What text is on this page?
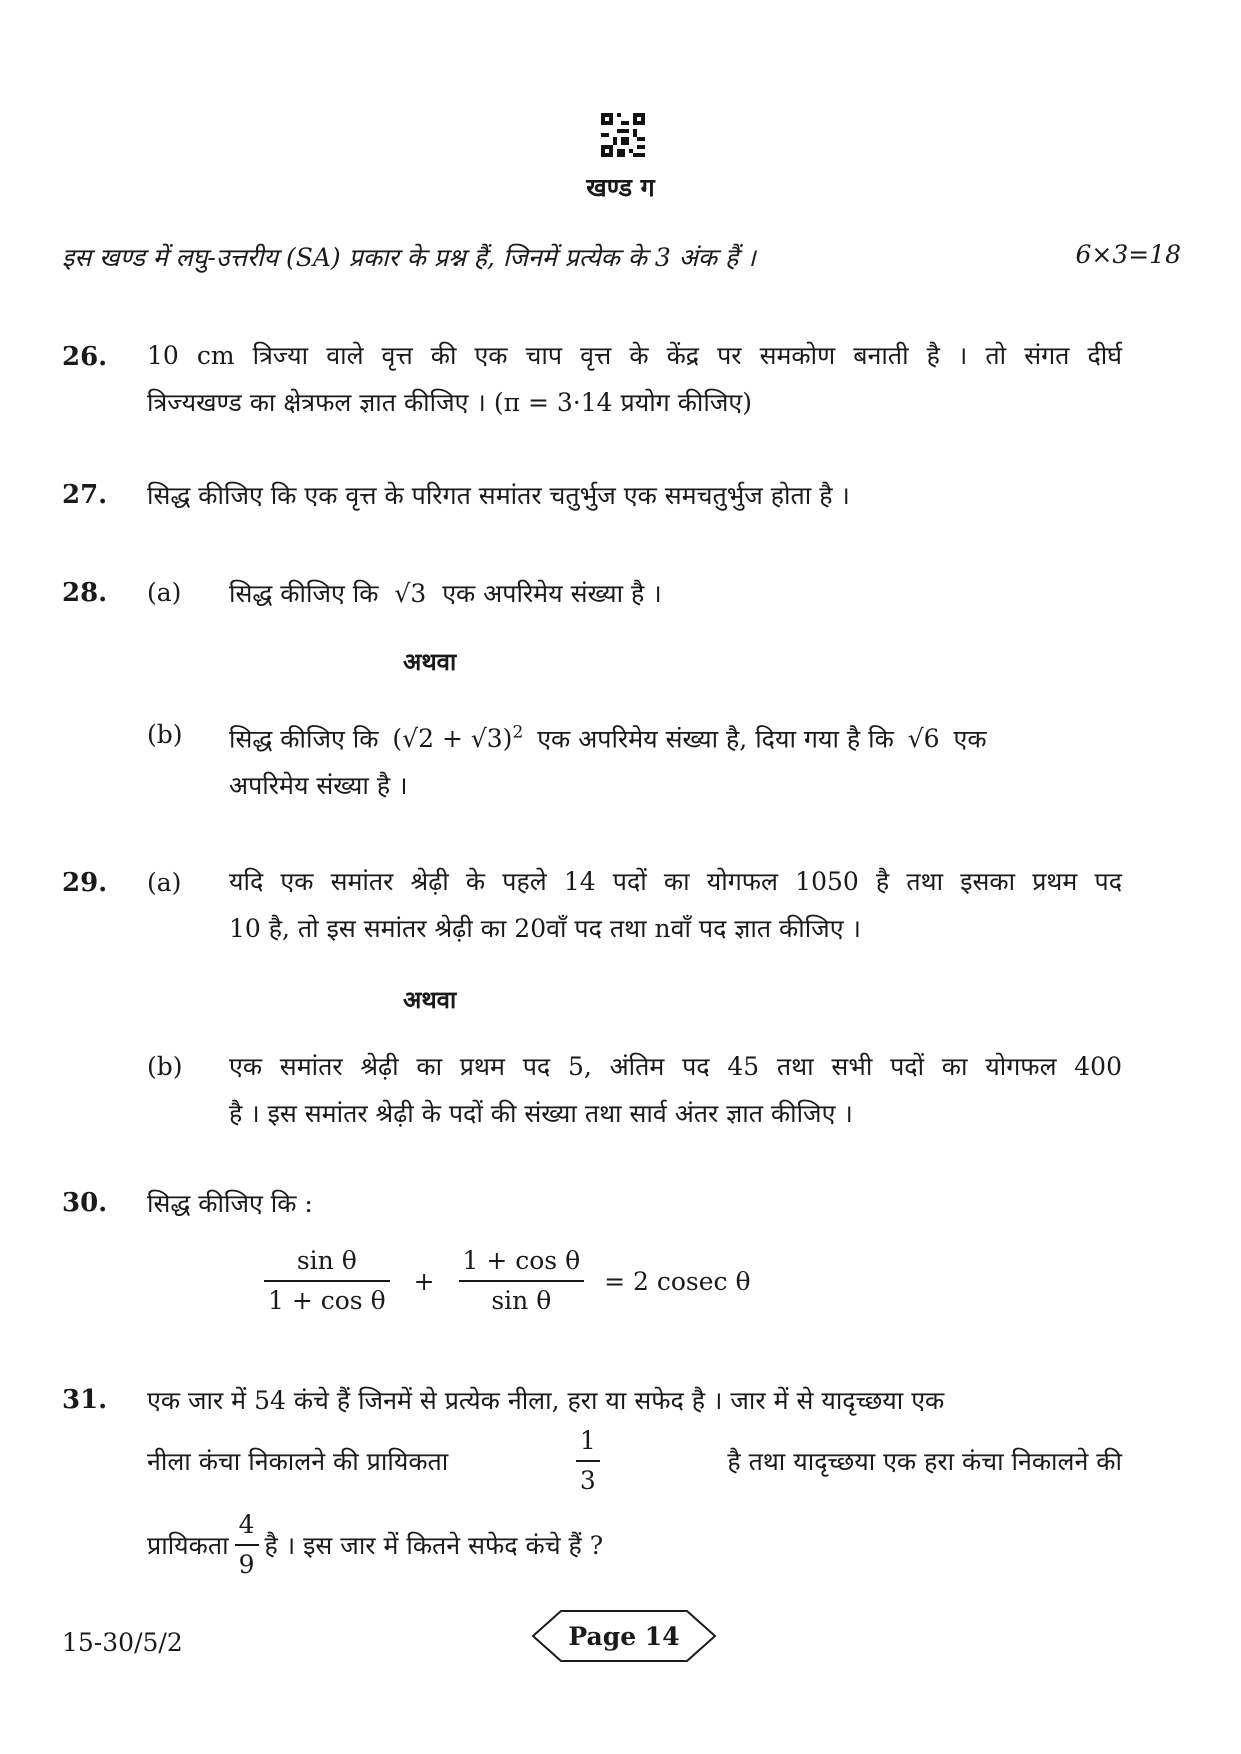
खण्ड ग
इस खण्ड में लघु-उत्तरीय (SA) प्रकार के प्रश्न हैं, जिनमें प्रत्येक के 3 अंक हैं ।	6×3=18
26. 10 cm त्रिज्या वाले वृत्त की एक चाप वृत्त के केंद्र पर समकोण बनाती है । तो संगत दीर्घ
त्रिज्यखण्ड का क्षेत्रफल ज्ञात कीजिए । (π = 3·14 प्रयोग कीजिए)
27. सिद्ध कीजिए कि एक वृत्त के परिगत समांतर चतुर्भुज एक समचतुर्भुज होता है ।
28. (a) सिद्ध कीजिए कि √3 एक अपरिमेय संख्या है ।
अथवा
(b) सिद्ध कीजिए कि $(√2 + √3)^2$ एक अपरिमेय संख्या है, दिया गया है कि √6 एक
अपरिमेय संख्या है ।
29. (a) यदि एक समांतर श्रेढ़ी के पहले 14 पदों का योगफल 1050 है तथा इसका प्रथम पद
10 है, तो इस समांतर श्रेढ़ी का 20वाँ पद तथा nवाँ पद ज्ञात कीजिए ।
अथवा
(b) एक समांतर श्रेढ़ी का प्रथम पद 5, अंतिम पद 45 तथा सभी पदों का योगफल 400
है । इस समांतर श्रेढ़ी के पदों की संख्या तथा सार्व अंतर ज्ञात कीजिए ।
30. सिद्ध कीजिए कि :
$\frac{\text{sin θ}}{\text{1 + cos θ}} + \frac{\text{1 + cos θ}}{\text{sin θ}} = 2$ cosec θ
31. एक जार में 54 कंचे हैं जिनमें से प्रत्येक नीला, हरा या सफेद है । जार में से यादृच्छया एक
नीला कंचा निकालने की प्रायिकता	$\frac{1}{3}$	है तथा यादृच्छया एक हरा कंचा निकालने की
प्रायिकता $\frac{4}{9}$ है । इस जार में कितने सफेद कंचे हैं ?
15-30/5/2	Page 14
